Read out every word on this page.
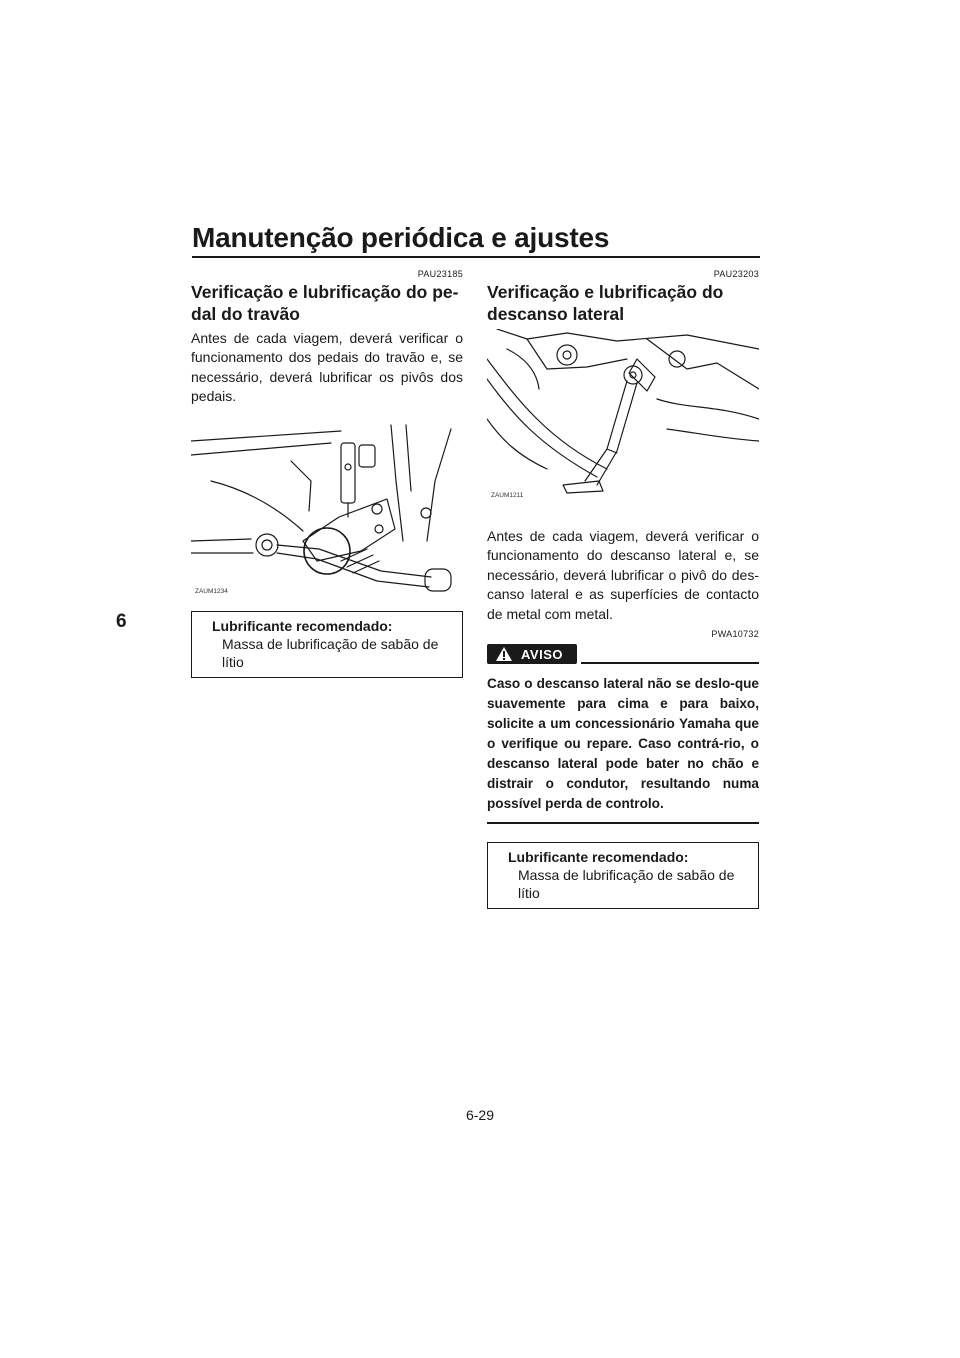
Manutenção periódica e ajustes
6
PAU23185
Verificação e lubrificação do pe-dal do travão

Antes de cada viagem, deverá verificar o funcionamento dos pedais do travão e, se necessário, deverá lubrificar os pivôs dos pedais.

ZAUM1234
Lubrificante recomendado:
Massa de lubrificação de sabão de lítio
PAU23203
Verificação e lubrificação do descanso lateral
ZAUM1211

Antes de cada viagem, deverá verificar o funcionamento do descanso lateral e, se necessário, deverá lubrificar o pivô do des-canso lateral e as superfícies de contacto de metal com metal.

PWA10732
AVISO

Caso o descanso lateral não se deslo-que suavemente para cima e para baixo, solicite a um concessionário Yamaha que o verifique ou repare. Caso contrá-rio, o descanso lateral pode bater no chão e distrair o condutor, resultando numa possível perda de controlo.

Lubrificante recomendado:
Massa de lubrificação de sabão de lítio
6-29
